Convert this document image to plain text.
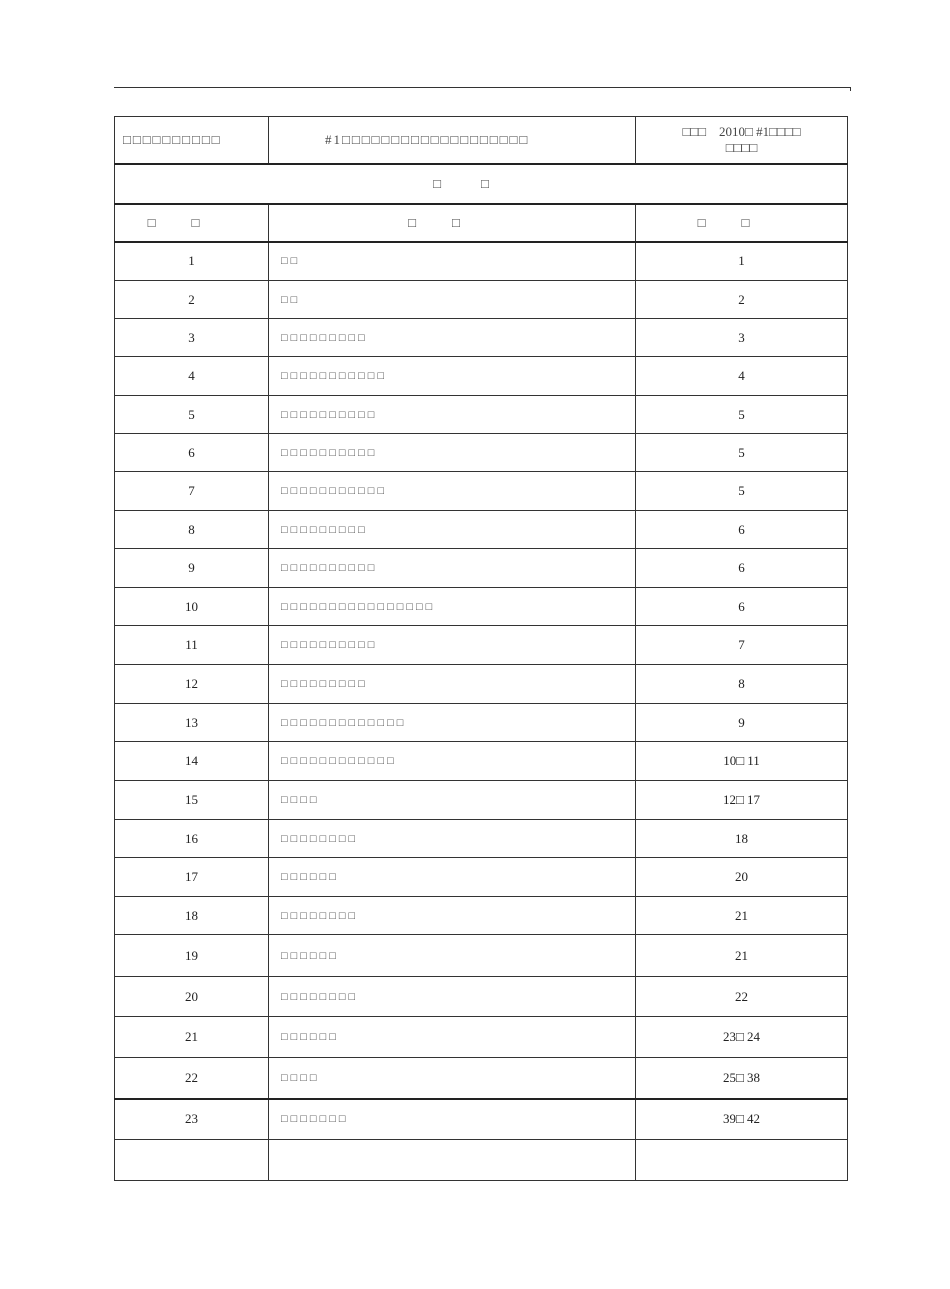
□□□□□□□□□□	#1□□□□□□□□□□□□□□□□□□□	□□□　2010□ #1□□□□
□□□□

□□		
□□	□□	□□
1	□□	1
2	□□	2
3	□□□□□□□□□	3
4	□□□□□□□□□□□	4
5	□□□□□□□□□□	5
6	□□□□□□□□□□	5
7	□□□□□□□□□□□	5
8	□□□□□□□□□	6
9	□□□□□□□□□□	6
10	□□□□□□□□□□□□□□□□	6
11	□□□□□□□□□□	7
12	□□□□□□□□□	8
13	□□□□□□□□□□□□□	9
14	□□□□□□□□□□□□	10□ 11
15	□□□□	12□ 17
16	□□□□□□□□	18
17	□□□□□□	20
18	□□□□□□□□	21
19	□□□□□□	21
20	□□□□□□□□	22
21	□□□□□□	23□ 24
22	□□□□	25□ 38
23	□□□□□□□	39□ 42
